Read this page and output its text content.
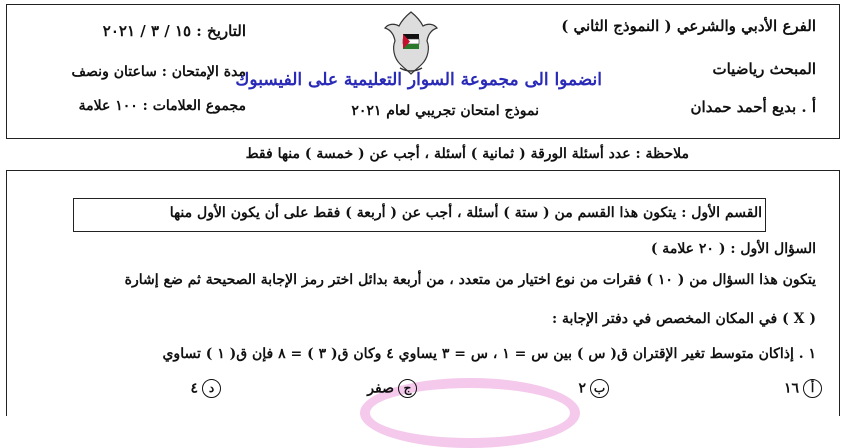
الفرع الأدبي والشرعي ( النموذج الثاني )
المبحث رياضيات
أ . بديع أحمد حمدان
التاريخ : ١٥ / ٣ / ٢٠٢١
مدة الإمتحان : ساعتان ونصف
مجموع العلامات : ١٠٠ علامة
انضموا الى مجموعة السوار التعليمية على الفيسبوك
نموذج امتحان تجريبي لعام ٢٠٢١
ملاحظة : عدد أسئلة الورقة ( ثمانية ) أسئلة ، أجب عن ( خمسة ) منها فقط
القسم الأول : يتكون هذا القسم من ( ستة ) أسئلة ، أجب عن ( أربعة ) فقط على أن يكون الأول منها
السؤال الأول : ( ٢٠ علامة )
يتكون هذا السؤال من ( ١٠ ) فقرات من نوع اختيار من متعدد ، من أربعة بدائل اختر رمز الإجابة الصحيحة ثم ضع إشارة
( X ) في المكان المخصص في دفتر الإجابة :
١ . إذاكان متوسط تغير الإقتران ق( س ) بين س = ١ ، س = ٣ يساوي ٤ وكان ق( ٣ ) = ٨ فإن ق( ١ ) تساوي
أ١٦
ب٢
جصفر
د٤
